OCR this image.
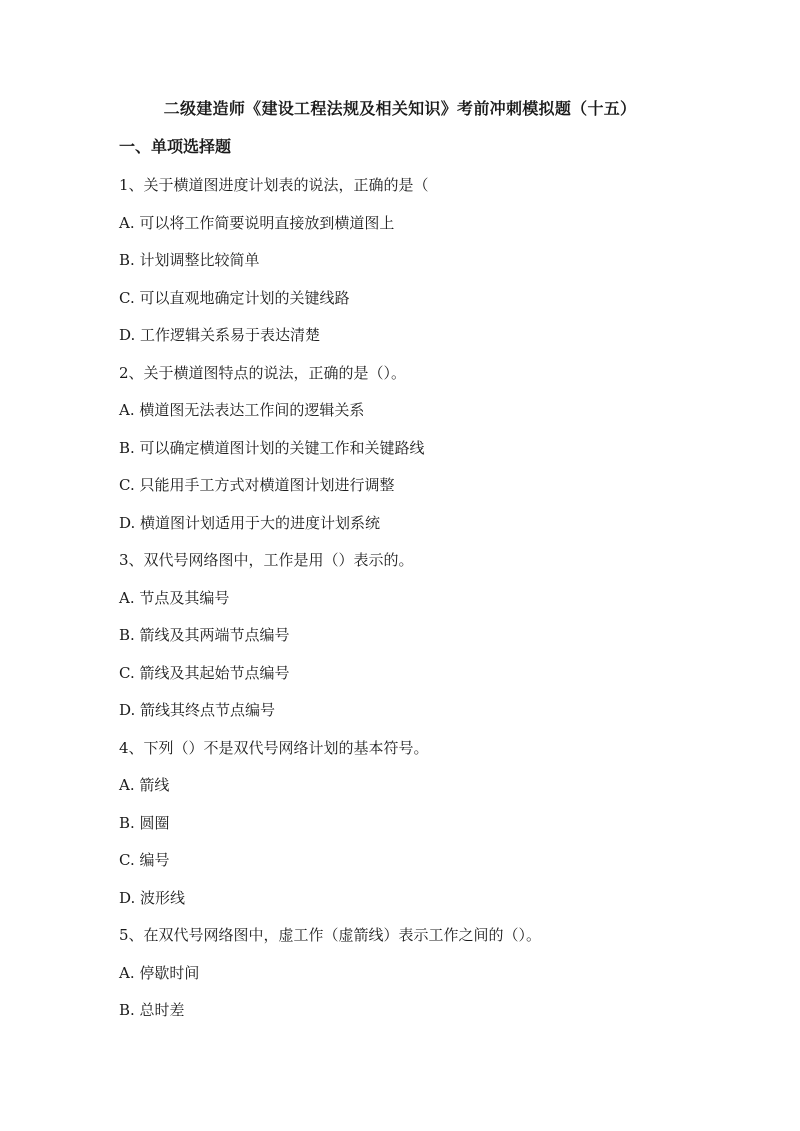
二级建造师《建设工程法规及相关知识》考前冲刺模拟题（十五）
一、单项选择题
1、关于横道图进度计划表的说法，正确的是（
A. 可以将工作简要说明直接放到横道图上
B. 计划调整比较简单
C. 可以直观地确定计划的关键线路
D. 工作逻辑关系易于表达清楚
2、关于横道图特点的说法，正确的是（）。
A. 横道图无法表达工作间的逻辑关系
B. 可以确定横道图计划的关键工作和关键路线
C. 只能用手工方式对横道图计划进行调整
D. 横道图计划适用于大的进度计划系统
3、双代号网络图中，工作是用（）表示的。
A. 节点及其编号
B. 箭线及其两端节点编号
C. 箭线及其起始节点编号
D. 箭线其终点节点编号
4、下列（）不是双代号网络计划的基本符号。
A. 箭线
B. 圆圈
C. 编号
D. 波形线
5、在双代号网络图中，虚工作（虚箭线）表示工作之间的（）。
A. 停歇时间
B. 总时差
